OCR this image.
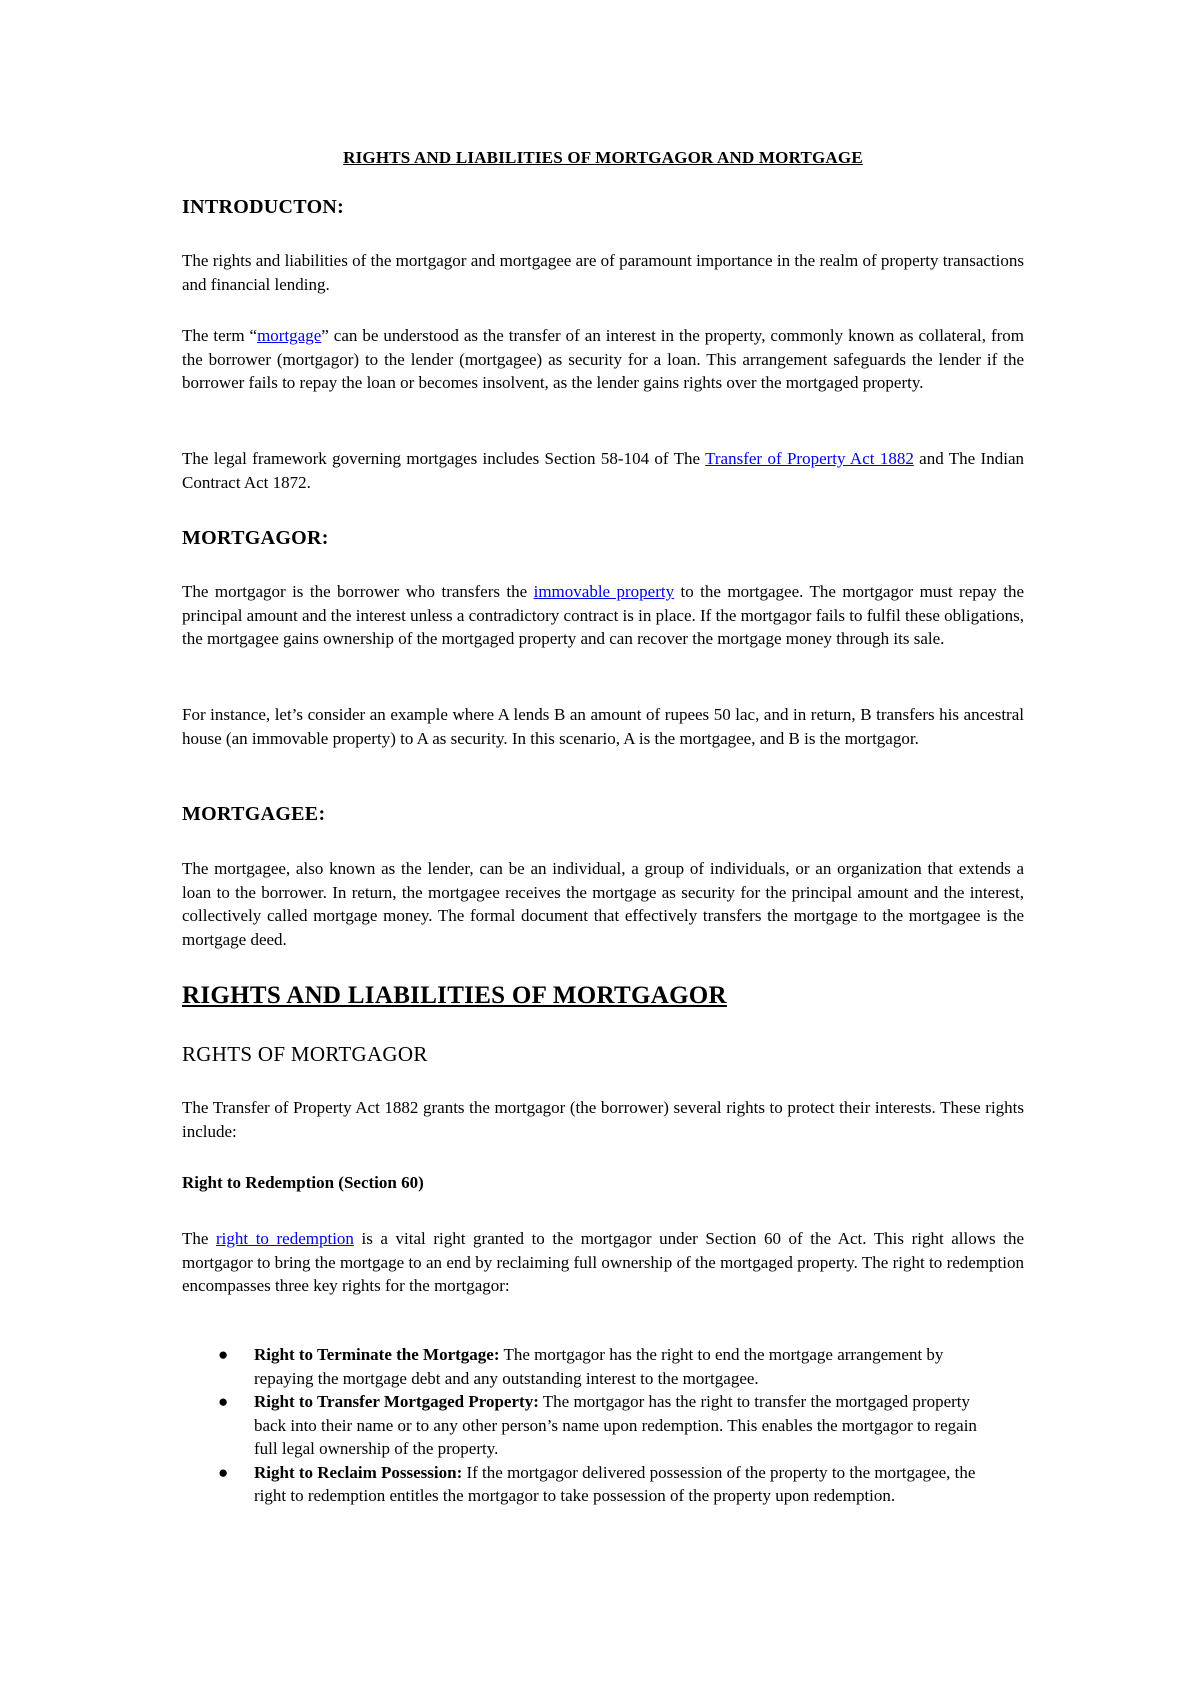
RIGHTS AND LIABILITIES OF MORTGAGOR AND MORTGAGE
INTRODUCTON:

The rights and liabilities of the mortgagor and mortgagee are of paramount importance in the realm of property transactions and financial lending.

The term “mortgage” can be understood as the transfer of an interest in the property, commonly known as collateral, from the borrower (mortgagor) to the lender (mortgagee) as security for a loan. This arrangement safeguards the lender if the borrower fails to repay the loan or becomes insolvent, as the lender gains rights over the mortgaged property.

The legal framework governing mortgages includes Section 58-104 of The Transfer of Property Act 1882 and The Indian Contract Act 1872.

MORTGAGOR:

The mortgagor is the borrower who transfers the immovable property to the mortgagee. The mortgagor must repay the principal amount and the interest unless a contradictory contract is in place. If the mortgagor fails to fulfil these obligations, the mortgagee gains ownership of the mortgaged property and can recover the mortgage money through its sale.

For instance, let’s consider an example where A lends B an amount of rupees 50 lac, and in return, B transfers his ancestral house (an immovable property) to A as security. In this scenario, A is the mortgagee, and B is the mortgagor.

MORTGAGEE:

The mortgagee, also known as the lender, can be an individual, a group of individuals, or an organization that extends a loan to the borrower. In return, the mortgagee receives the mortgage as security for the principal amount and the interest, collectively called mortgage money. The formal document that effectively transfers the mortgage to the mortgagee is the mortgage deed.

RIGHTS AND LIABILITIES OF MORTGAGOR
RGHTS OF MORTGAGOR

The Transfer of Property Act 1882 grants the mortgagor (the borrower) several rights to protect their interests. These rights include:

Right to Redemption (Section 60)

The right to redemption is a vital right granted to the mortgagor under Section 60 of the Act. This right allows the mortgagor to bring the mortgage to an end by reclaiming full ownership of the mortgaged property. The right to redemption encompasses three key rights for the mortgagor:

● Right to Terminate the Mortgage: The mortgagor has the right to end the mortgage arrangement by repaying the mortgage debt and any outstanding interest to the mortgagee.
● Right to Transfer Mortgaged Property: The mortgagor has the right to transfer the mortgaged property back into their name or to any other person’s name upon redemption. This enables the mortgagor to regain full legal ownership of the property.
● Right to Reclaim Possession: If the mortgagor delivered possession of the property to the mortgagee, the right to redemption entitles the mortgagor to take possession of the property upon redemption.
